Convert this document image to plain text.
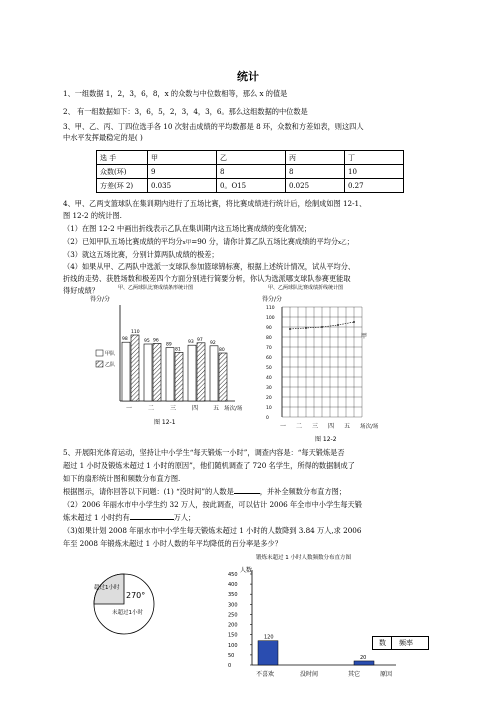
统计
1、一组数据 1，2，3，6，8，x 的众数与中位数相等，那么 x 的值是
2、 有一组数据如下：3，6，5，2，3，4，3，6。那么这组数据的中位数是
3、甲、乙、丙、丁四位选手各 10 次射击成绩的平均数都是 8 环，众数和方差如表，则这四人
中水平发挥最稳定的是( )
选 手	甲	乙	丙	丁
众数(环)	9	8	8	10
方差(环 2)	0.035	0。O15	0.025	0.27
4、甲、乙两支篮球队在集训期内进行了五场比赛，将比赛成绩进行统计后，绘制成如图 12-1、
图 12-2 的统计图.
（1）在图 12-2 中画出折线表示乙队在集训期内这五场比赛成绩的变化情况；
（2）已知甲队五场比赛成绩的平均分x甲=90 分，请你计算乙队五场比赛成绩的平均分x乙；
（3）就这五场比赛，分别计算两队成绩的极差；
（4）如果从甲、乙两队中选派一支球队参加篮球锦标赛，根据上述统计情况，试从平均分、
折线的走势、获胜场数和极差四个方面分别进行简要分析，你认为选派哪支球队参赛更能取
得好成绩？	甲、乙两球队比赛成绩条形统计图
得分/分
98
110
95 96
89
81
93 97
92
80
甲队
乙队
一	二	三	四 五 场次/场
图 12-1
甲、乙两球队比赛成绩折线统计图
得分/分
110
100
90
80
70
60
50
40
30
20
10
0
甲
一 二 三 四 五 场次/场
图 12-2
5、开展阳光体育运动，坚持让中小学生“每天锻炼一小时”，调查内容是：“每天锻炼是否
超过 1 小时及锻炼未超过 1 小时的原因”，他们随机调查了 720 名学生，所得的数据制成了
如下的扇形统计图和频数分布直方图.
根据图示，请你回答以下问题：(1) “没时间”的人数是	，并补全频数分布直方图；
（2）2006 年丽水市中小学生约 32 万人，按此调查，可以估计 2006 年全市中小学生每天锻
炼未超过 1 小时约有	万人；
（3)如果计划 2008 年丽水市中小学生每天锻炼未超过 1 小时的人数降到 3.84 万人,求 2006
年至 2008 年锻炼未超过 1 小时人数的年平均降低的百分率是多少？
超过1小时
未超过1小时
270°
锻炼未超过 1 小时人数频数分布直方图
人数
450
400
350
300
250
200
150
100
50
0
120
20
不喜欢	没时间	其它	原因
数 频率
